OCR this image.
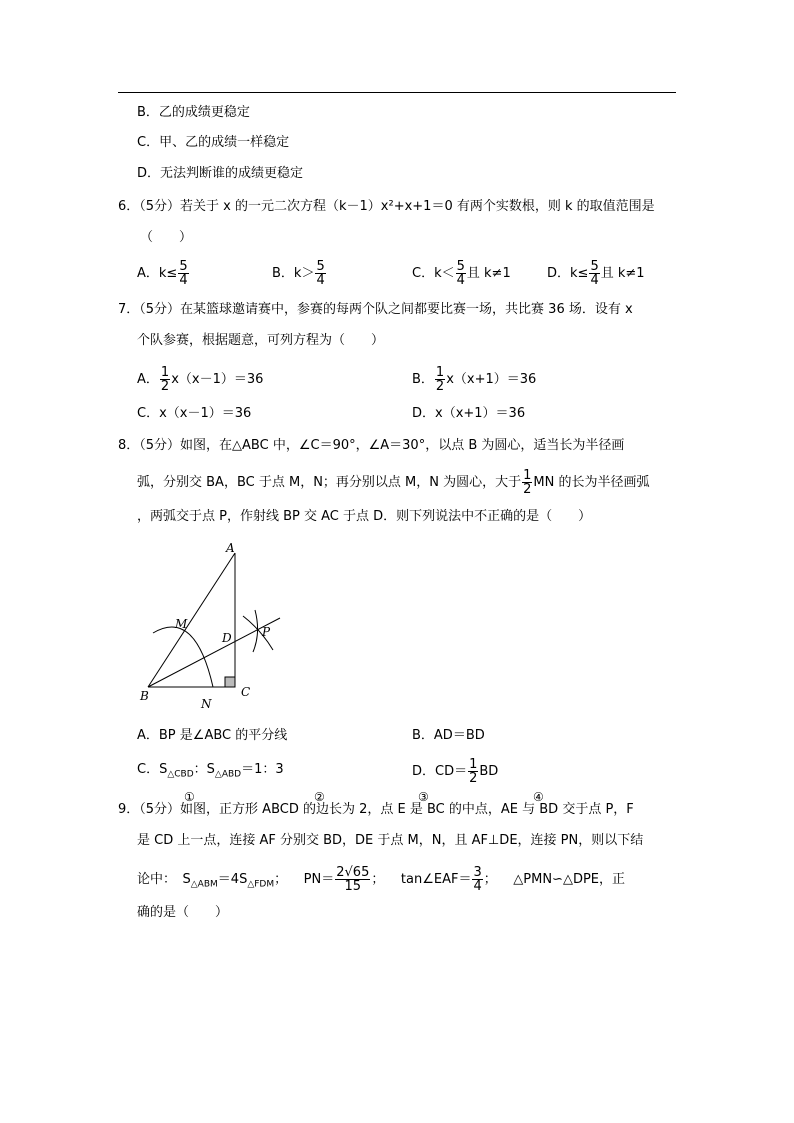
B．乙的成绩更稳定
C．甲、乙的成绩一样稳定
D．无法判断谁的成绩更稳定
6．（5分）若关于 x 的一元二次方程（k－1）x²+x+1＝0 有两个实数根，则 k 的取值范围是
（　　）
A．$k\le \frac{5}{4}$	B．$k> \frac{5}{4}$	C．$k< \frac{5}{4}$ 且 k≠1	D．$k\le \frac{5}{4}$ 且 k≠1
7．（5分）在某篮球邀请赛中，参赛的每两个队之间都要比赛一场，共比赛 36 场．设有 x
个队参赛，根据题意，可列方程为（　　）
A． $\frac{1}{2} x(x-1)=36$	B． $\frac{1}{2} x(x+1)=36$
C．x（x－1）＝36	D．x（x+1）＝36
8．（5分）如图，在△ABC 中，∠C＝90°，∠A＝30°，以点 B 为圆心，适当长为半径画
弧，分别交 BA，BC 于点 M，N；再分别以点 M，N 为圆心，大于 $\frac{1}{2}$ MN 的长为半径画弧
，两弧交于点 P，作射线 BP 交 AC 于点 D．则下列说法中不正确的是（　　）
A
M
D	P
B
N
C
A．BP 是∠ABC 的平分线	B．AD＝BD
C．$S_{\triangle CBD}$：$S_{\triangle ABD}=1$：3	D．$CD= \frac{1}{2}$ BD
①	②	③	④
9．（5分）如图，正方形 ABCD 的边长为 2，点 E 是 BC 的中点，AE 与 BD 交于点 P，F
是 CD 上一点，连接 AF 分别交 BD，DE 于点 M，N，且 AF⊥DE，连接 PN，则以下结
论中：　$S_{\triangle ABM}=4S_{\triangle FDM}$； $PN= \frac{2√65}{15}$ ； tan∠EAF＝ $\frac{3}{4}$ ； △PMN∽△DPE，正
确的是（　　）
